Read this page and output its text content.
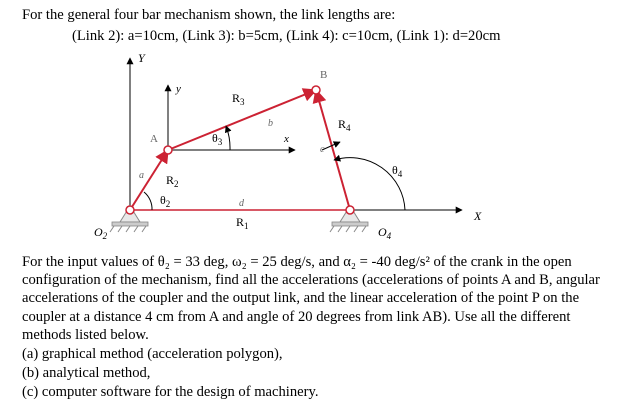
For the general four bar mechanism shown, the link lengths are:
(Link 2): a=10cm, (Link 3): b=5cm, (Link 4): c=10cm, (Link 1): d=20cm
Y
X
y
x
A
B
$R_2$
$R_3$
$R_4$
$R_1$
a
b
c
d
$\theta_2$
$\theta_3$
$\theta_4$
$O_2$	$O_4$
For the input values of θ₂ = 33 deg, ω₂ = 25 deg/s, and α₂ = -40 deg/s² of the crank in the open configuration of the mechanism, find all the accelerations (accelerations of points A and B, angular accelerations of the coupler and the output link, and the linear acceleration of the point P on the coupler at a distance 4 cm from A and angle of 20 degrees from link AB). Use all the different methods listed below.
(a) graphical method (acceleration polygon),
(b) analytical method,
(c) computer software for the design of machinery.
